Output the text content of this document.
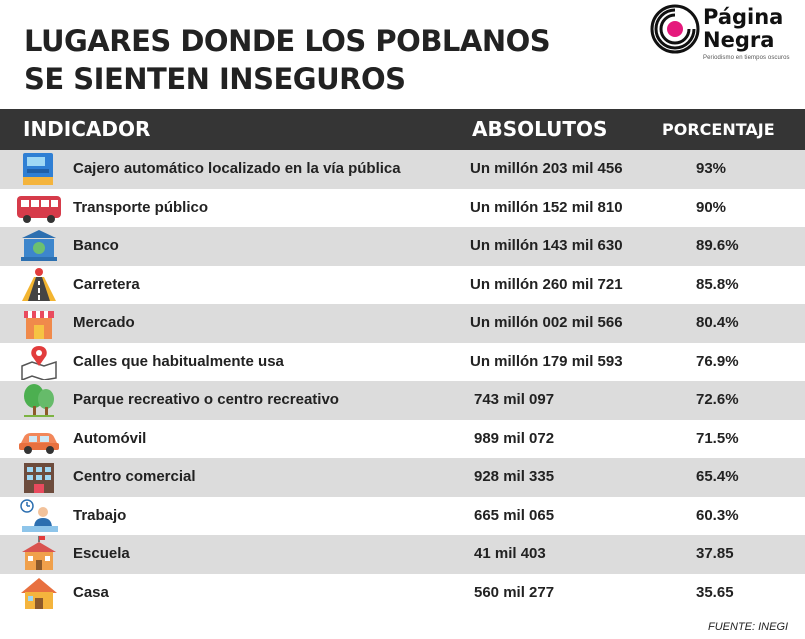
LUGARES DONDE LOS POBLANOS
SE SIENTEN INSEGUROS
Página
Negra
Periodismo en tiempos oscuros
INDICADOR	ABSOLUTOS	PORCENTAJE
Cajero automático localizado en la vía pública	Un millón 203 mil 456	93%
Transporte público	Un millón 152 mil 810	90%
Banco	Un millón 143 mil 630	89.6%
Carretera	Un millón 260 mil 721	85.8%
Mercado	Un millón 002 mil 566	80.4%
Calles que habitualmente usa	Un millón 179 mil 593	76.9%
Parque recreativo o centro recreativo	743 mil 097	72.6%
Automóvil	989 mil 072	71.5%
Centro comercial	928 mil 335	65.4%
Trabajo	665 mil 065	60.3%
Escuela	41 mil 403	37.85
Casa	560 mil 277	35.65
FUENTE: INEGI
